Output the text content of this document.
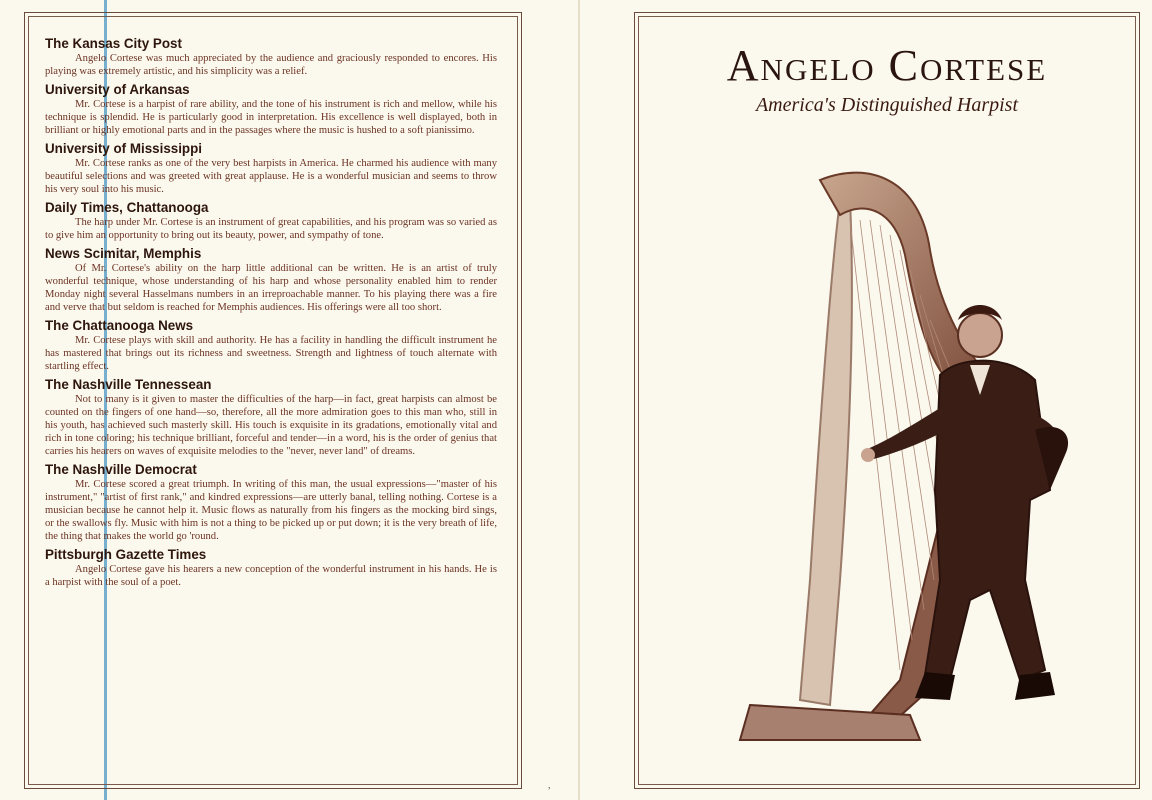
,
The Kansas City Post

Angelo Cortese was much appreciated by the audience and graciously responded to encores. His playing was extremely artistic, and his simplicity was a relief.

University of Arkansas

Mr. Cortese is a harpist of rare ability, and the tone of his instrument is rich and mellow, while his technique is splendid. He is particularly good in interpretation. His excellence is well displayed, both in brilliant or highly emotional parts and in the passages where the music is hushed to a soft pianissimo.

University of Mississippi

Mr. Cortese ranks as one of the very best harpists in America. He charmed his audience with many beautiful selections and was greeted with great applause. He is a wonderful musician and seems to throw his very soul into his music.

Daily Times, Chattanooga

The harp under Mr. Cortese is an instrument of great capabilities, and his program was so varied as to give him an opportunity to bring out its beauty, power, and sympathy of tone.

News Scimitar, Memphis

Of Mr. Cortese's ability on the harp little additional can be written. He is an artist of truly wonderful technique, whose understanding of his harp and whose personality enabled him to render Monday night several Hasselmans numbers in an irreproachable manner. To his playing there was a fire and verve that but seldom is reached for Memphis audiences. His offerings were all too short.

The Chattanooga News

Mr. Cortese plays with skill and authority. He has a facility in handling the difficult instrument he has mastered that brings out its richness and sweetness. Strength and lightness of touch alternate with startling effect.

The Nashville Tennessean

Not to many is it given to master the difficulties of the harp—in fact, great harpists can almost be counted on the fingers of one hand—so, therefore, all the more admiration goes to this man who, still in his youth, has achieved such masterly skill. His touch is exquisite in its gradations, emotionally vital and rich in tone coloring; his technique brilliant, forceful and tender—in a word, his is the order of genius that carries his hearers on waves of exquisite melodies to the "never, never land" of dreams.

The Nashville Democrat

Mr. Cortese scored a great triumph. In writing of this man, the usual expressions—"master of his instrument," "artist of first rank," and kindred expressions—are utterly banal, telling nothing. Cortese is a musician because he cannot help it. Music flows as naturally from his fingers as the mocking bird sings, or the swallows fly. Music with him is not a thing to be picked up or put down; it is the very breath of life, the thing that makes the world go 'round.

Pittsburgh Gazette Times

Angelo Cortese gave his hearers a new conception of the wonderful instrument in his hands. He is a harpist with the soul of a poet.

Angelo Cortese
America's Distinguished Harpist
